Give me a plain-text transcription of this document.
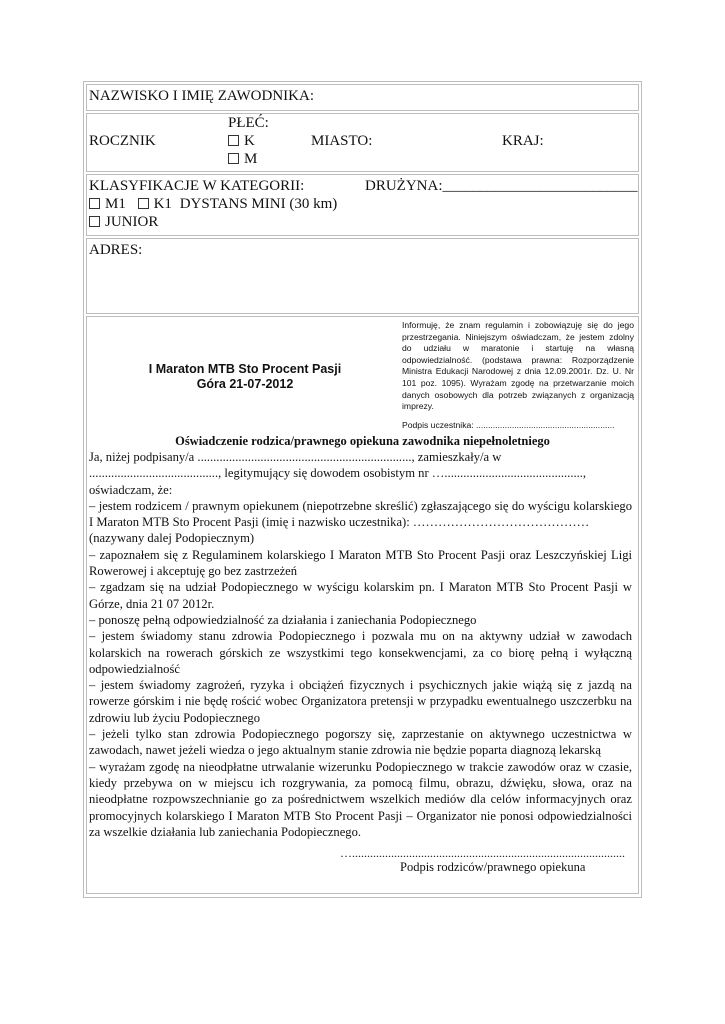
NAZWISKO I IMIĘ ZAWODNIKA:
ROCZNIK
PŁEĆ:
K
M
MIASTO:	KRAJ:
KLASYFIKACJE W KATEGORII:	DRUŻYNA:__________________________
M1 K1 DYSTANS MINI (30 km)
JUNIOR
ADRES:
I Maraton MTB Sto Procent Pasji
Góra 21-07-2012
Informuję, że znam regulamin i zobowiązuję się do jego przestrzegania. Niniejszym oświadczam, że jestem zdolny do udziału w maratonie i startuję na własną odpowiedzialność. (podstawa prawna: Rozporządzenie Ministra Edukacji Narodowej z dnia 12.09.2001r. Dz. U. Nr 101 poz. 1095). Wyrażam zgodę na przetwarzanie moich danych osobowych dla potrzeb związanych z organizacją imprezy.
Podpis uczestnika: ..........................................................
Oświadczenie rodzica/prawnego opiekuna zawodnika niepełnoletniego

Ja, niżej podpisany/a ...................................................................., zamieszkały/a w ........................................., legitymujący się dowodem osobistym nr …............................................, oświadczam, że:

– jestem rodzicem / prawnym opiekunem (niepotrzebne skreślić) zgłaszającego się do wyścigu kolarskiego I Maraton MTB Sto Procent Pasji (imię i nazwisko uczestnika): ……………………………………

(nazywany dalej Podopiecznym)

– zapoznałem się z Regulaminem kolarskiego I Maraton MTB Sto Procent Pasji oraz Leszczyńskiej Ligi Rowerowej i akceptuję go bez zastrzeżeń

– zgadzam się na udział Podopiecznego w wyścigu kolarskim pn. I Maraton MTB Sto Procent Pasji w Górze, dnia 21 07 2012r.

– ponoszę pełną odpowiedzialność za działania i zaniechania Podopiecznego

– jestem świadomy stanu zdrowia Podopiecznego i pozwala mu on na aktywny udział w zawodach kolarskich na rowerach górskich ze wszystkimi tego konsekwencjami, za co biorę pełną i wyłączną odpowiedzialność

– jestem świadomy zagrożeń, ryzyka i obciążeń fizycznych i psychicznych jakie wiążą się z jazdą na rowerze górskim i nie będę rościć wobec Organizatora pretensji w przypadku ewentualnego uszczerbku na zdrowiu lub życiu Podopiecznego

– jeżeli tylko stan zdrowia Podopiecznego pogorszy się, zaprzestanie on aktywnego uczestnictwa w zawodach, nawet jeżeli wiedza o jego aktualnym stanie zdrowia nie będzie poparta diagnozą lekarską

– wyrażam zgodę na nieodpłatne utrwalanie wizerunku Podopiecznego w trakcie zawodów oraz w czasie, kiedy przebywa on w miejscu ich rozgrywania, za pomocą filmu, obrazu, dźwięku, słowa, oraz na nieodpłatne rozpowszechnianie go za pośrednictwem wszelkich mediów dla celów informacyjnych oraz promocyjnych kolarskiego I Maraton MTB Sto Procent Pasji – Organizator nie ponosi odpowiedzialności za wszelkie działania lub zaniechania Podopiecznego.

…...........................................................................................
Podpis rodziców/prawnego opiekuna
